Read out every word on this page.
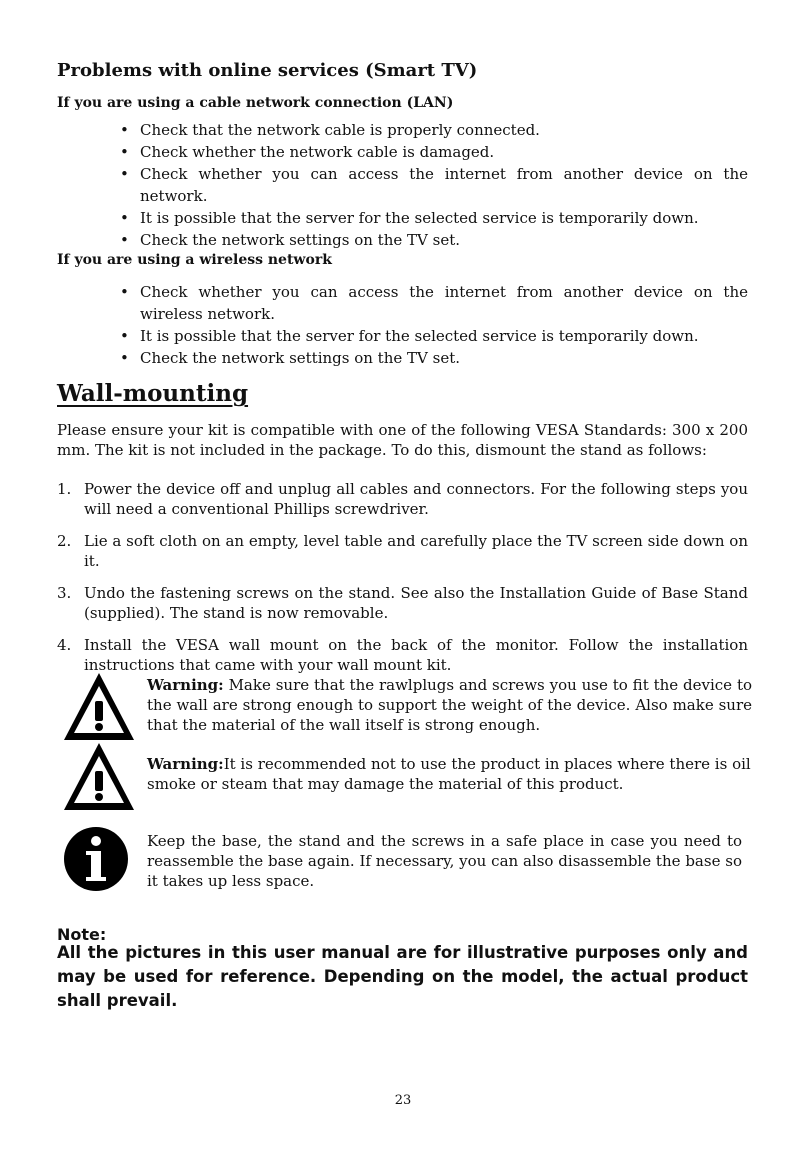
Problems with online services (Smart TV)
If you are using a cable network connection (LAN)
• Check that the network cable is properly connected.
• Check whether the network cable is damaged.
• Check whether you can access the internet from another device on the network.
• It is possible that the server for the selected service is temporarily down.
• Check the network settings on the TV set.
If you are using a wireless network
• Check whether you can access the internet from another device on the wireless network.
• It is possible that the server for the selected service is temporarily down.
• Check the network settings on the TV set.
Wall-mounting
Please ensure your kit is compatible with one of the following VESA Standards: 300 x 200 mm. The kit is not included in the package. To do this, dismount the stand as follows:
1. Power the device off and unplug all cables and connectors. For the following steps you will need a conventional Phillips screwdriver.
2. Lie a soft cloth on an empty, level table and carefully place the TV screen side down on it.
3. Undo the fastening screws on the stand. See also the Installation Guide of Base Stand (supplied). The stand is now removable.
4. Install the VESA wall mount on the back of the monitor. Follow the installation instructions that came with your wall mount kit.
Warning: Make sure that the rawlplugs and screws you use to fit the device to the wall are strong enough to support the weight of the device. Also make sure that the material of the wall itself is strong enough.
Warning:It is recommended not to use the product in places where there is oil smoke or steam that may damage the material of this product.
Keep the base, the stand and the screws in a safe place in case you need to reassemble the base again. If necessary, you can also disassemble the base so it takes up less space.
Note:
All the pictures in this user manual are for illustrative purposes only and may be used for reference. Depending on the model, the actual product shall prevail.
23
